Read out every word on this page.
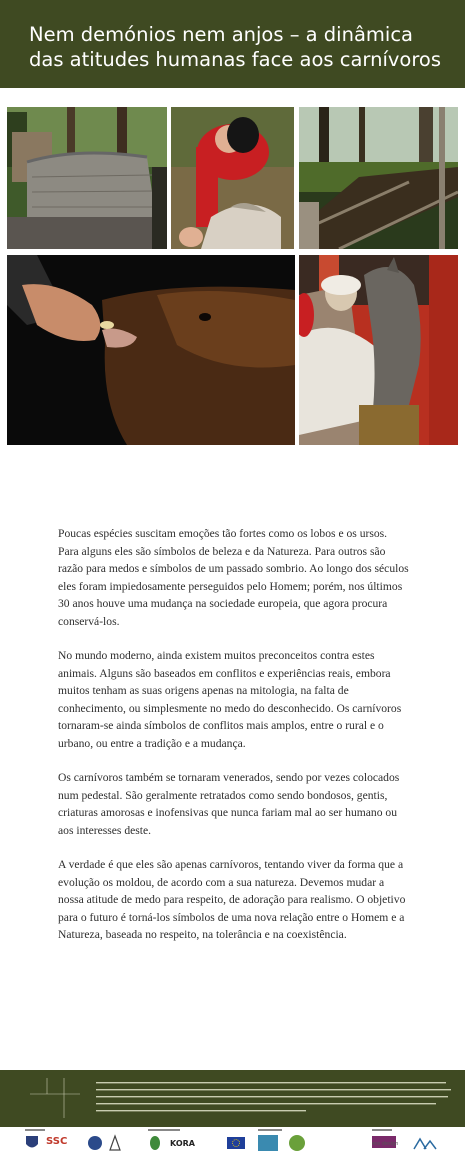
Nem demónios nem anjos – a dinâmica
das atitudes humanas face aos carnívoros

Poucas espécies suscitam emoções tão fortes como os lobos e os ursos. Para alguns eles são símbolos de beleza e da Natureza. Para outros são razão para medos e símbolos de um passado sombrio. Ao longo dos séculos eles foram impiedosamente perseguidos pelo Homem; porém, nos últimos 30 anos houve uma mudança na sociedade europeia, que agora procura conservá-los.

No mundo moderno, ainda existem muitos preconceitos contra estes animais. Alguns são baseados em conflitos e experiências reais, embora muitos tenham as suas origens apenas na mitologia, na falta de conhecimento, ou simplesmente no medo do desconhecido. Os carnívoros tornaram-se ainda símbolos de conflitos mais amplos, entre o rural e o urbano, ou entre a tradição e a mudança.

Os carnívoros também se tornaram venerados, sendo por vezes colocados num pedestal. São geralmente retratados como sendo bondosos, gentis, criaturas amorosas e inofensivas que nunca fariam mal ao ser humano ou aos interesses deste.

A verdade é que eles são apenas carnívoros, tentando viver da forma que a evolução os moldou, de acordo com a sua natureza. Devemos mudar a nossa atitude de medo para respeito, de adoração para realismo. O objetivo para o futuro é torná-los símbolos de uma nova relação entre o Homem e a Natureza, baseada no respeito, na tolerância e na coexistência.

SSC	KORA	ess design
